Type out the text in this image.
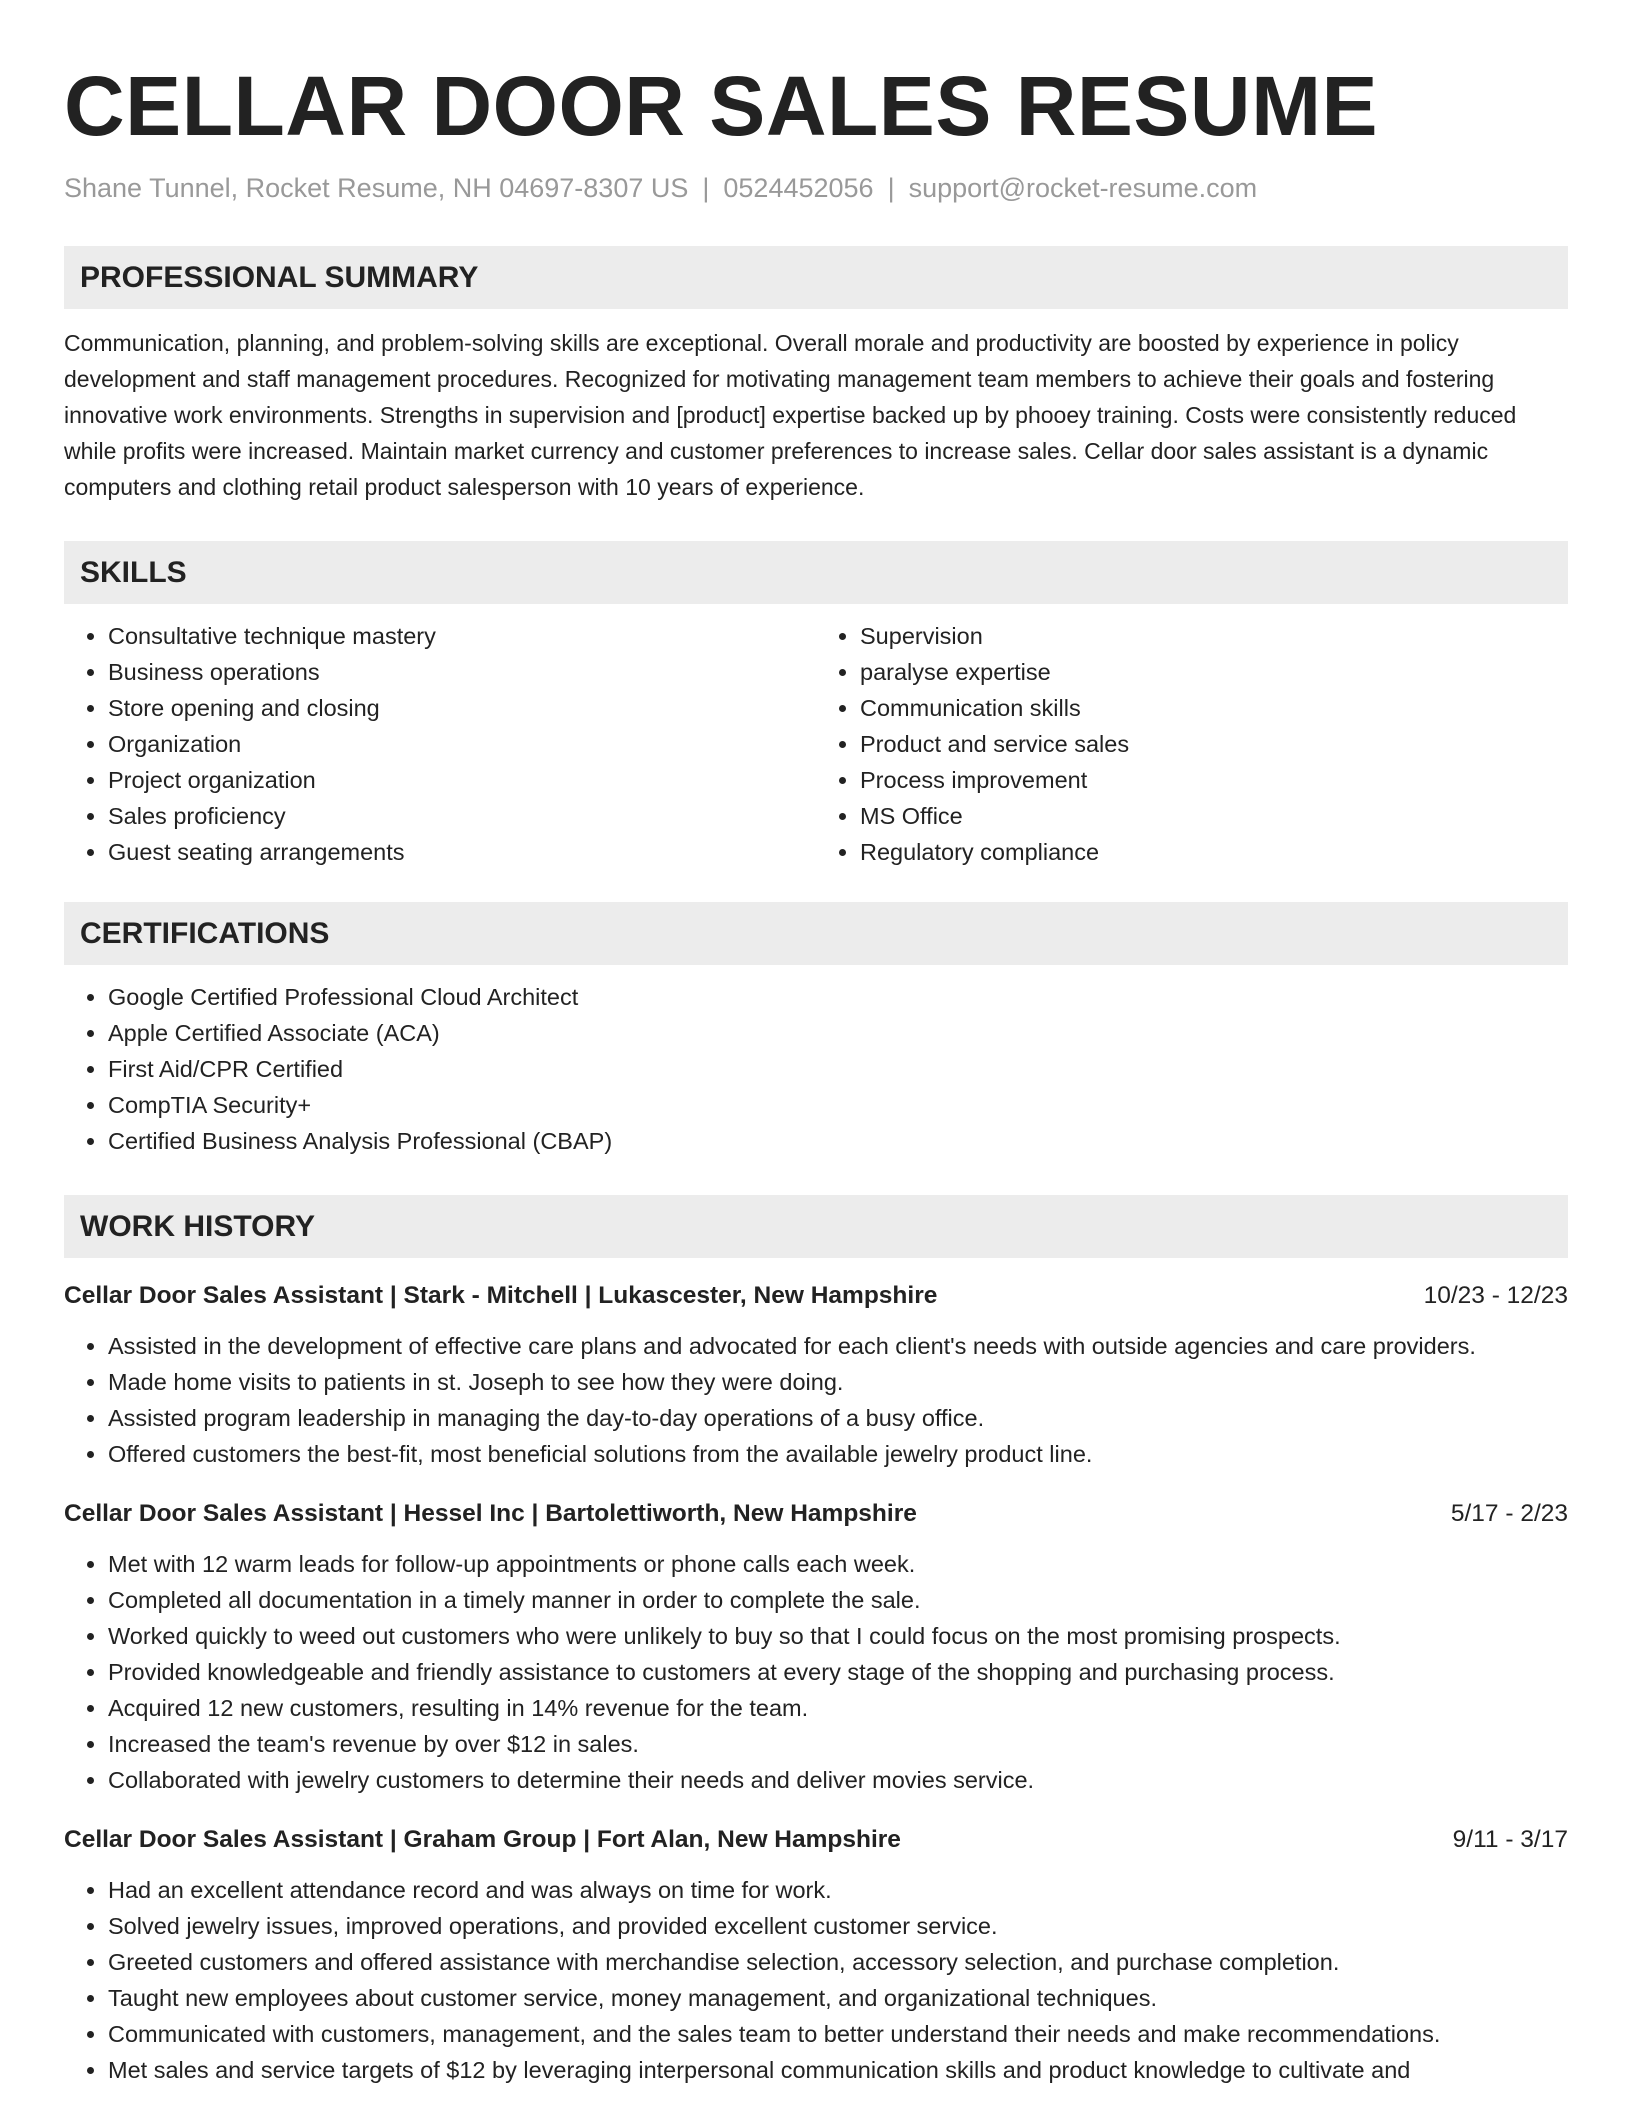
CELLAR DOOR SALES RESUME
Shane Tunnel, Rocket Resume, NH 04697-8307 US | 0524452056 | support@rocket-resume.com
PROFESSIONAL SUMMARY
Communication, planning, and problem-solving skills are exceptional. Overall morale and productivity are boosted by experience in policy development and staff management procedures. Recognized for motivating management team members to achieve their goals and fostering innovative work environments. Strengths in supervision and [product] expertise backed up by phooey training. Costs were consistently reduced while profits were increased. Maintain market currency and customer preferences to increase sales. Cellar door sales assistant is a dynamic computers and clothing retail product salesperson with 10 years of experience.
SKILLS
• Consultative technique mastery
• Business operations
• Store opening and closing
• Organization
• Project organization
• Sales proficiency
• Guest seating arrangements
• Supervision
• paralyse expertise
• Communication skills
• Product and service sales
• Process improvement
• MS Office
• Regulatory compliance
CERTIFICATIONS
• Google Certified Professional Cloud Architect
• Apple Certified Associate (ACA)
• First Aid/CPR Certified
• CompTIA Security+
• Certified Business Analysis Professional (CBAP)
WORK HISTORY
Cellar Door Sales Assistant | Stark - Mitchell | Lukascester, New Hampshire	10/23 - 12/23
• Assisted in the development of effective care plans and advocated for each client's needs with outside agencies and care providers.
• Made home visits to patients in st. Joseph to see how they were doing.
• Assisted program leadership in managing the day-to-day operations of a busy office.
• Offered customers the best-fit, most beneficial solutions from the available jewelry product line.
Cellar Door Sales Assistant | Hessel Inc | Bartolettiworth, New Hampshire	5/17 - 2/23
• Met with 12 warm leads for follow-up appointments or phone calls each week.
• Completed all documentation in a timely manner in order to complete the sale.
• Worked quickly to weed out customers who were unlikely to buy so that I could focus on the most promising prospects.
• Provided knowledgeable and friendly assistance to customers at every stage of the shopping and purchasing process.
• Acquired 12 new customers, resulting in 14% revenue for the team.
• Increased the team's revenue by over $12 in sales.
• Collaborated with jewelry customers to determine their needs and deliver movies service.
Cellar Door Sales Assistant | Graham Group | Fort Alan, New Hampshire	9/11 - 3/17
• Had an excellent attendance record and was always on time for work.
• Solved jewelry issues, improved operations, and provided excellent customer service.
• Greeted customers and offered assistance with merchandise selection, accessory selection, and purchase completion.
• Taught new employees about customer service, money management, and organizational techniques.
• Communicated with customers, management, and the sales team to better understand their needs and make recommendations.
• Met sales and service targets of $12 by leveraging interpersonal communication skills and product knowledge to cultivate and
